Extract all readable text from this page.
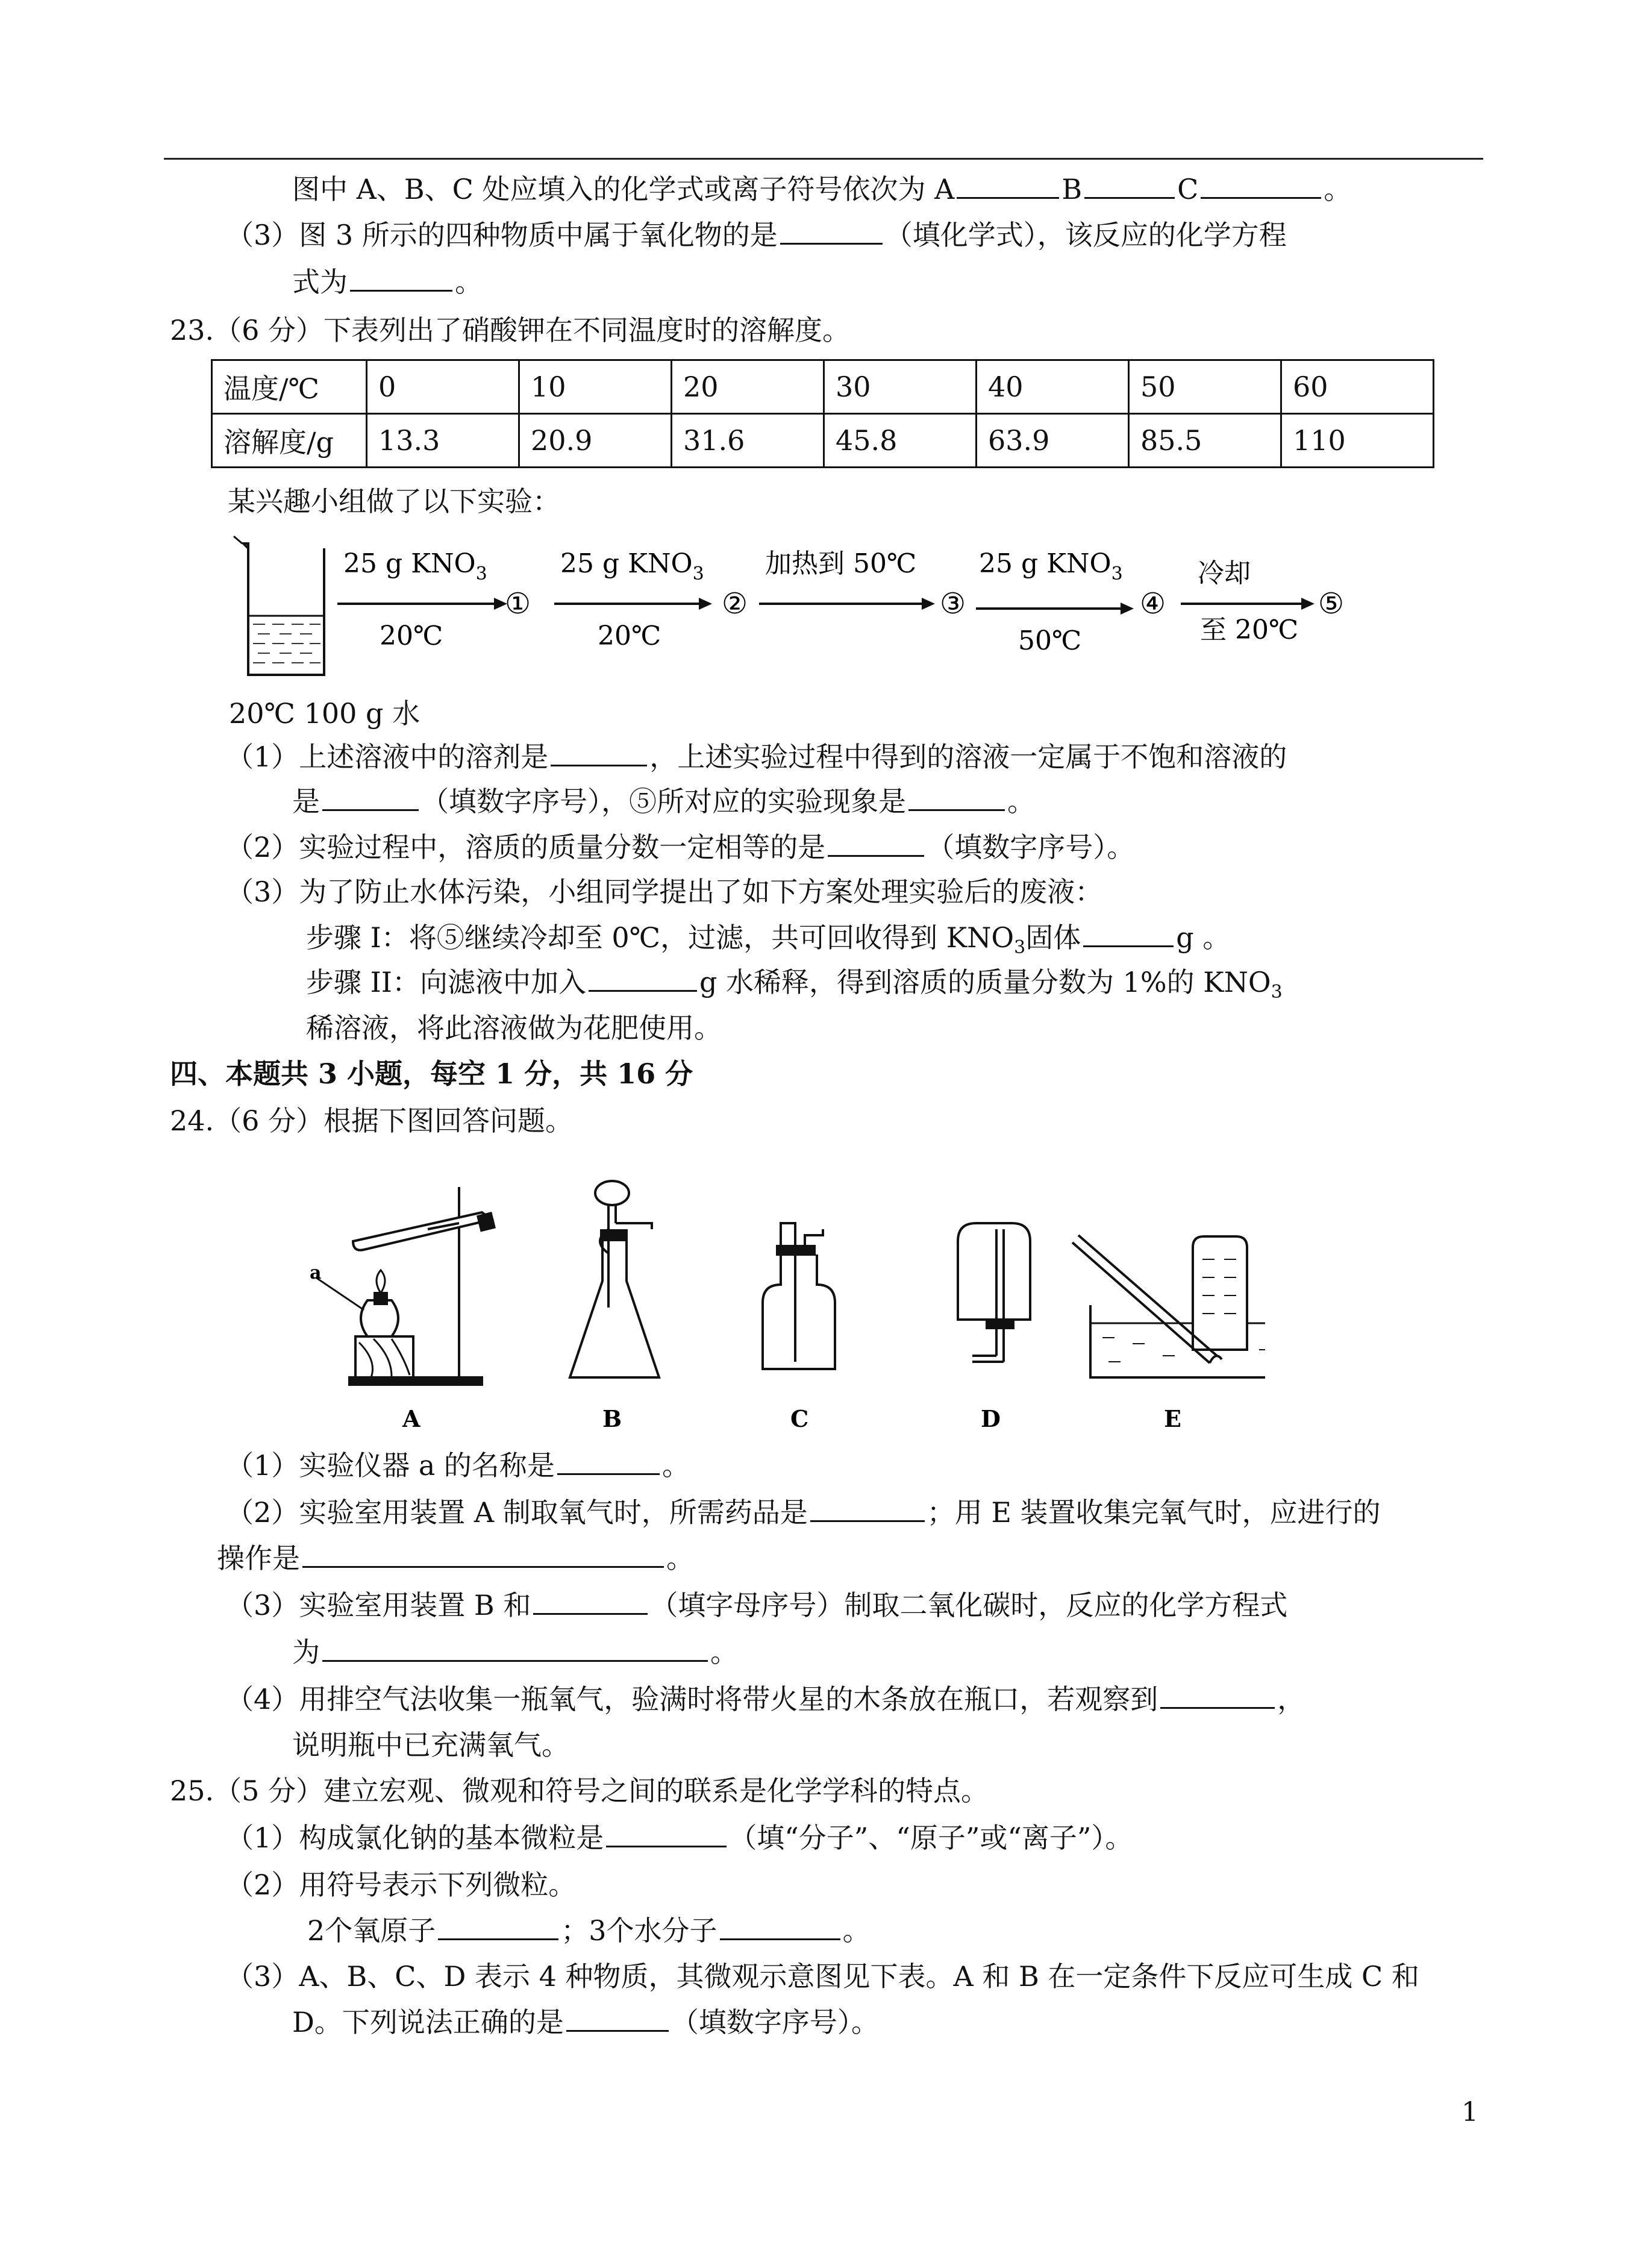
图中 A、B、C 处应填入的化学式或离子符号依次为 A	B	C	。
（3）图 3 所示的四种物质中属于氧化物的是	（填化学式），该反应的化学方程
式为	。
23.（6 分）下表列出了硝酸钾在不同温度时的溶解度。
温度/℃	0	10	20	30	40	50	60
溶解度/g	13.3	20.9	31.6	45.8	63.9	85.5	110
某兴趣小组做了以下实验：
25 g $KNO_3$
20℃
①
25 g $KNO_3$
20℃
②
加热到 50℃
③
25 g $KNO_3$
50℃
④
冷却
至 20℃
⑤
20℃ 100 g 水
（1）上述溶液中的溶剂是	，上述实验过程中得到的溶液一定属于不饱和溶液的
是	（填数字序号），⑤所对应的实验现象是	。
（2）实验过程中，溶质的质量分数一定相等的是	（填数字序号）。
（3）为了防止水体污染，小组同学提出了如下方案处理实验后的废液：
步骤 I：将⑤继续冷却至 0℃，过滤，共可回收得到 $KNO_3$固体	g 。
步骤 II：向滤液中加入	g 水稀释，得到溶质的质量分数为 1%的 $KNO_3$
稀溶液，将此溶液做为花肥使用。
四、本题共 3 小题，每空 1 分，共 16 分
24.（6 分）根据下图回答问题。
a
A	B	C	D	E
（1）实验仪器 a 的名称是	。
（2）实验室用装置 A 制取氧气时，所需药品是	；用 E 装置收集完氧气时，应进行的
操作是	。
（3）实验室用装置 B 和	（填字母序号）制取二氧化碳时，反应的化学方程式
为	。
（4）用排空气法收集一瓶氧气，验满时将带火星的木条放在瓶口，若观察到	，
说明瓶中已充满氧气。
25.（5 分）建立宏观、微观和符号之间的联系是化学学科的特点。
（1）构成氯化钠的基本微粒是	（填“分子”、“原子”或“离子”）。
（2）用符号表示下列微粒。
2个氧原子	；3个水分子	。
（3）A、B、C、D 表示 4 种物质，其微观示意图见下表。A 和 B 在一定条件下反应可生成 C 和
D。下列说法正确的是	（填数字序号）。
1
